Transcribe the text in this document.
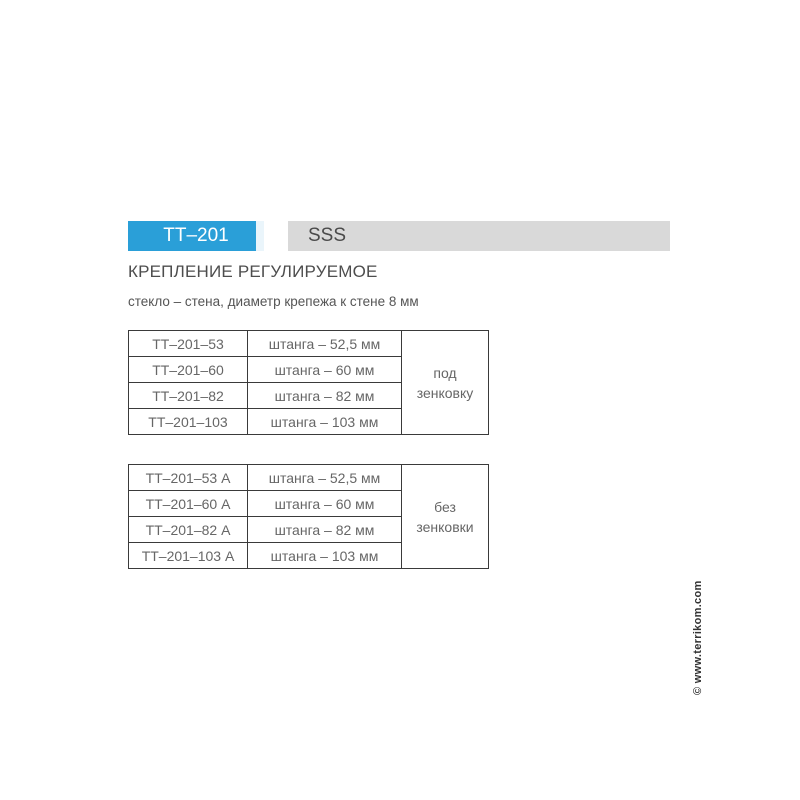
ТТ–201	SSS
КРЕПЛЕНИЕ РЕГУЛИРУЕМОЕ
стекло – стена, диаметр крепежа к стене 8 мм
ТТ–201–53	штанга – 52,5 мм	под
зенковку
ТТ–201–60	штанга – 60 мм	
ТТ–201–82	штанга – 82 мм	
ТТ–201–103	штанга – 103 мм	
ТТ–201–53 А	штанга – 52,5 мм	без
зенковки
ТТ–201–60 А	штанга – 60 мм	
ТТ–201–82 А	штанга – 82 мм	
ТТ–201–103 А	штанга – 103 мм	
© www.terrikom.com
